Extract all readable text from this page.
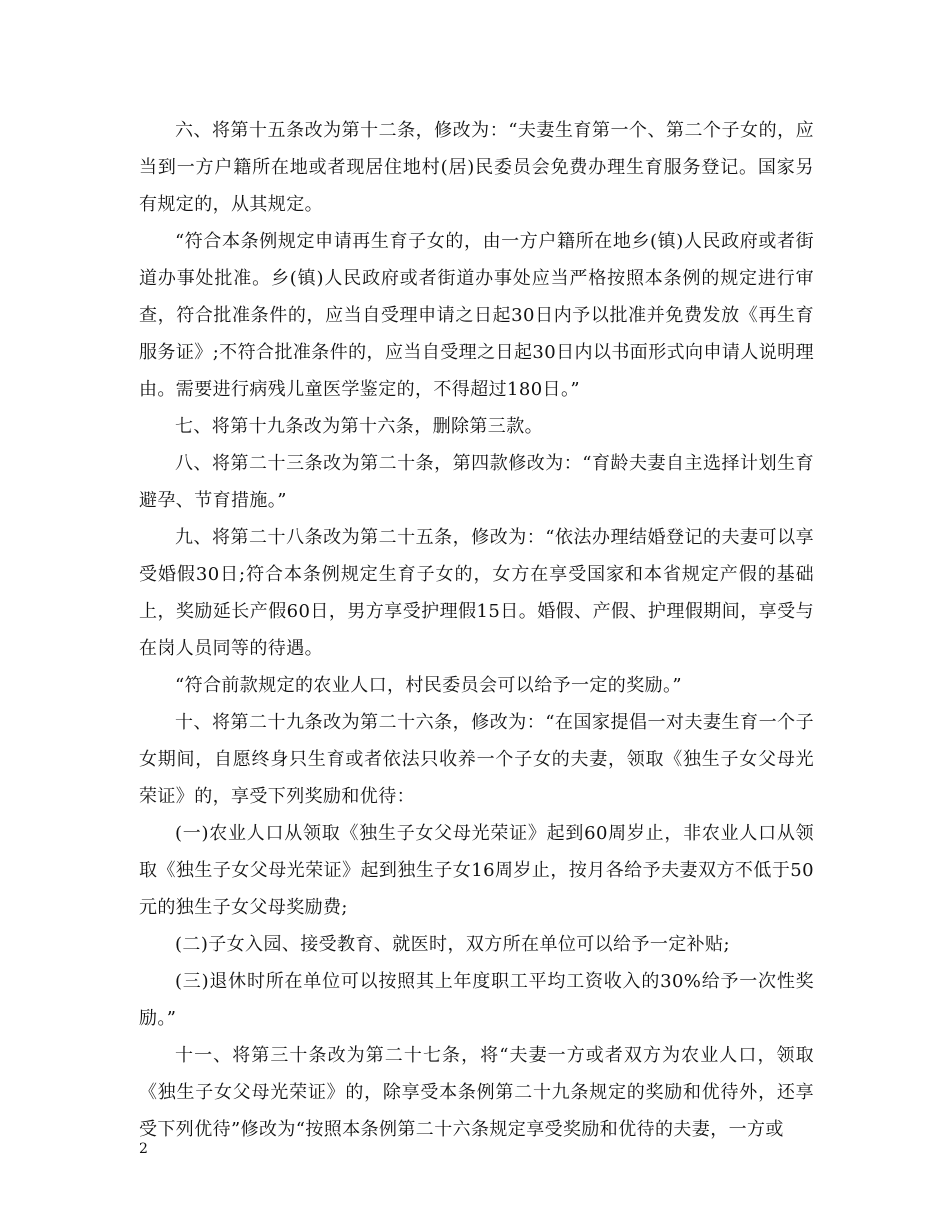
六、将第十五条改为第十二条，修改为：“夫妻生育第一个、第二个子女的，应当到一方户籍所在地或者现居住地村(居)民委员会免费办理生育服务登记。国家另有规定的，从其规定。

“符合本条例规定申请再生育子女的，由一方户籍所在地乡(镇)人民政府或者街道办事处批准。乡(镇)人民政府或者街道办事处应当严格按照本条例的规定进行审查，符合批准条件的，应当自受理申请之日起30日内予以批准并免费发放《再生育服务证》;不符合批准条件的，应当自受理之日起30日内以书面形式向申请人说明理由。需要进行病残儿童医学鉴定的，不得超过180日。”

七、将第十九条改为第十六条，删除第三款。

八、将第二十三条改为第二十条，第四款修改为：“育龄夫妻自主选择计划生育避孕、节育措施。”

九、将第二十八条改为第二十五条，修改为：“依法办理结婚登记的夫妻可以享受婚假30日;符合本条例规定生育子女的，女方在享受国家和本省规定产假的基础上，奖励延长产假60日，男方享受护理假15日。婚假、产假、护理假期间，享受与在岗人员同等的待遇。

“符合前款规定的农业人口，村民委员会可以给予一定的奖励。”

十、将第二十九条改为第二十六条，修改为：“在国家提倡一对夫妻生育一个子女期间，自愿终身只生育或者依法只收养一个子女的夫妻，领取《独生子女父母光荣证》的，享受下列奖励和优待：

(一)农业人口从领取《独生子女父母光荣证》起到60周岁止，非农业人口从领取《独生子女父母光荣证》起到独生子女16周岁止，按月各给予夫妻双方不低于50元的独生子女父母奖励费;

(二)子女入园、接受教育、就医时，双方所在单位可以给予一定补贴;

(三)退休时所在单位可以按照其上年度职工平均工资收入的30%给予一次性奖励。”

十一、将第三十条改为第二十七条，将“夫妻一方或者双方为农业人口，领取《独生子女父母光荣证》的，除享受本条例第二十九条规定的奖励和优待外，还享受下列优待”修改为“按照本条例第二十六条规定享受奖励和优待的夫妻，一方或

2
